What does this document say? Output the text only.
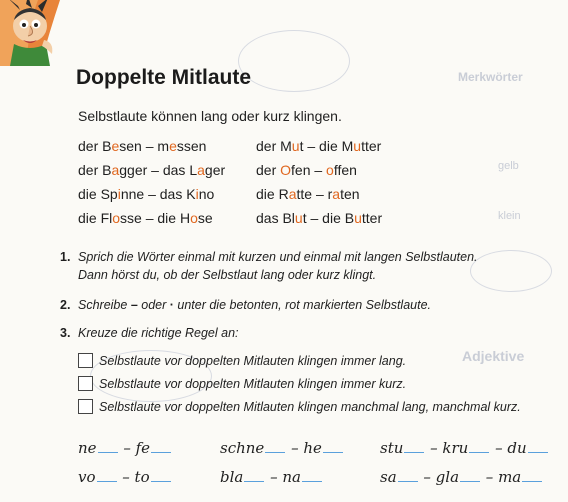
Merkwörter
gelb
klein
Adjektive
Doppelte Mitlaute
Selbstlaute können lang oder kurz klingen.
der Besen – messen	der Mut – die Mutter
der Bagger – das Lager der Ofen – offen
die Spinne – das Kino	die Ratte – raten
die Flosse – die Hose	das Blut – die Butter
1. Sprich die Wörter einmal mit kurzen und einmal mit langen Selbstlauten.
Dann hörst du, ob der Selbstlaut lang oder kurz klingt.
2. Schreibe – oder · unter die betonten, rot markierten Selbstlaute.
3. Kreuze die richtige Regel an:
Selbstlaute vor doppelten Mitlauten klingen immer lang.
Selbstlaute vor doppelten Mitlauten klingen immer kurz.
Selbstlaute vor doppelten Mitlauten klingen manchmal lang, manchmal kurz.
ne – fe	schne – he	stu – kru – du
vo – to	bla – na	sa – gla – ma
